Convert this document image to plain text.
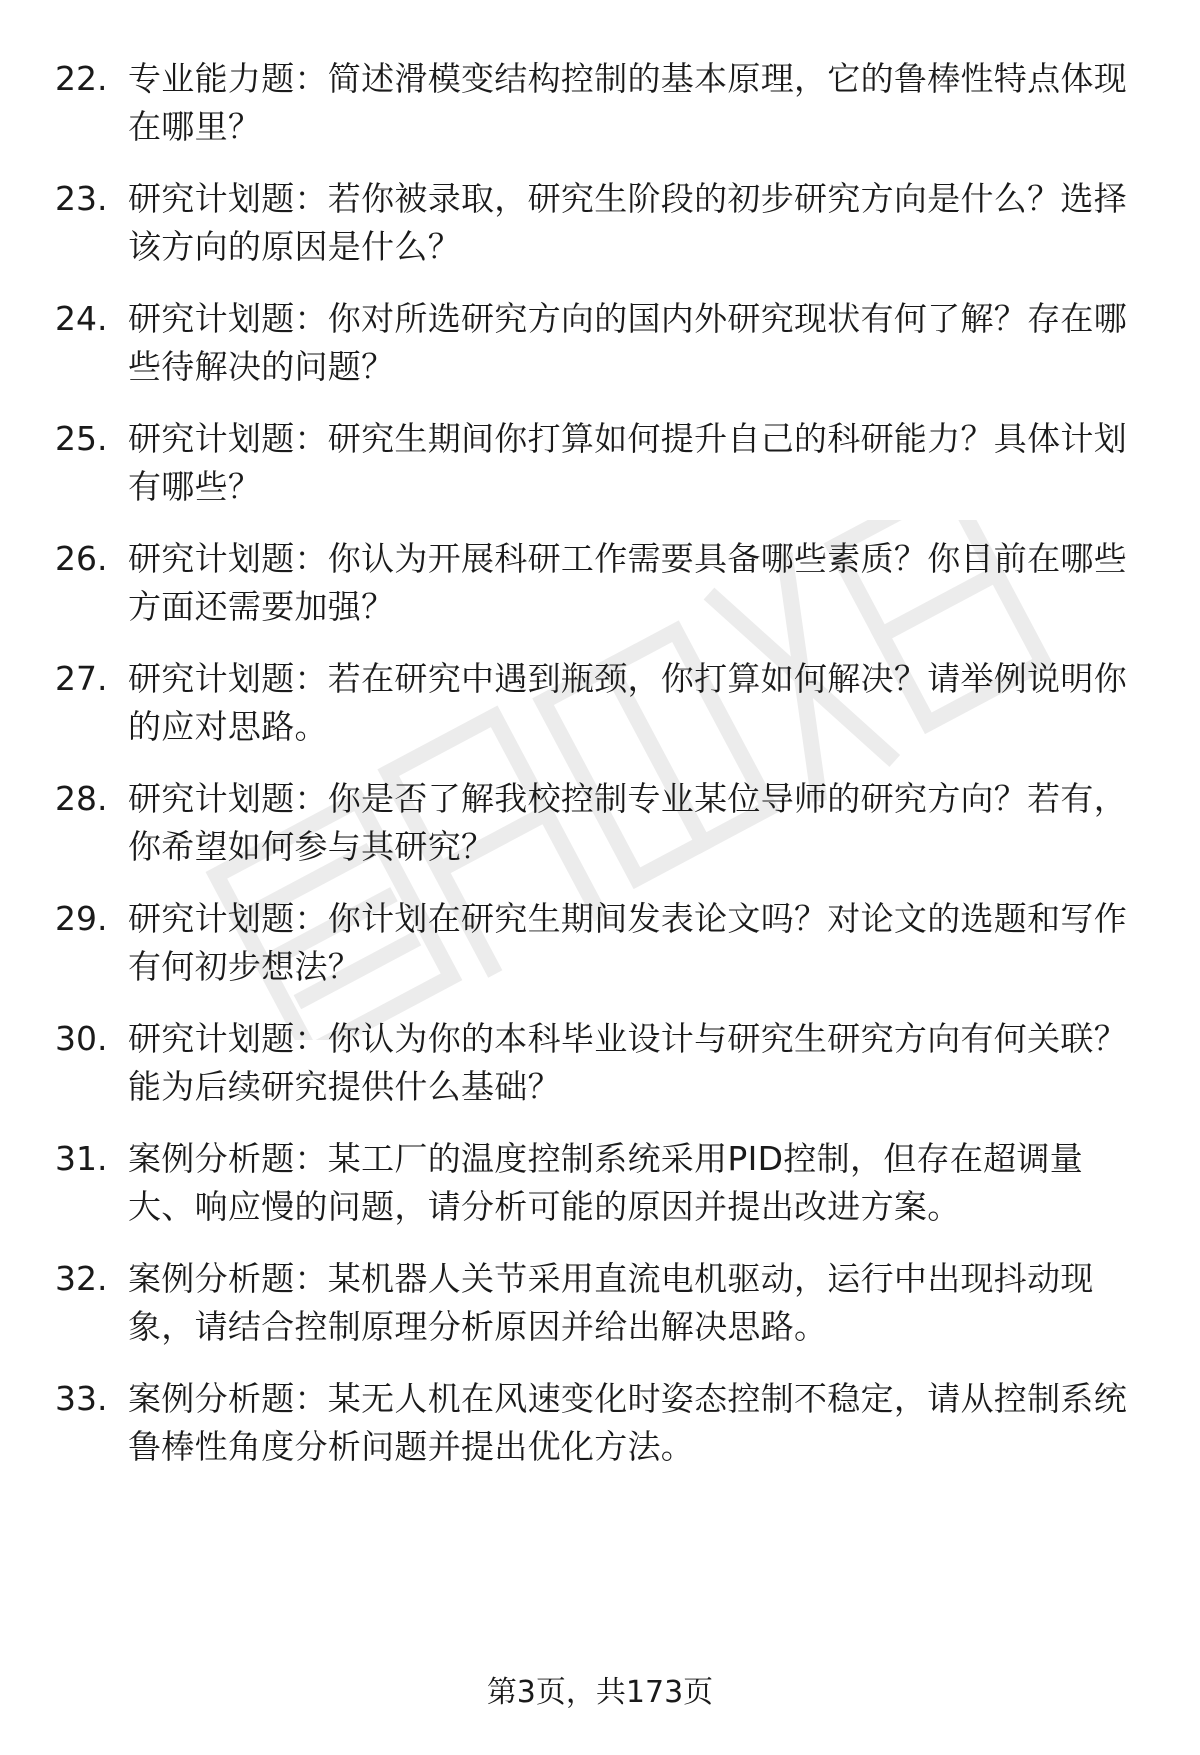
22. 专业能力题：简述滑模变结构控制的基本原理，它的鲁棒性特点体现在哪里？
23. 研究计划题：若你被录取，研究生阶段的初步研究方向是什么？选择该方向的原因是什么？
24. 研究计划题：你对所选研究方向的国内外研究现状有何了解？存在哪些待解决的问题？
25. 研究计划题：研究生期间你打算如何提升自己的科研能力？具体计划有哪些？
26. 研究计划题：你认为开展科研工作需要具备哪些素质？你目前在哪些方面还需要加强？
27. 研究计划题：若在研究中遇到瓶颈，你打算如何解决？请举例说明你的应对思路。
28. 研究计划题：你是否了解我校控制专业某位导师的研究方向？若有，你希望如何参与其研究？
29. 研究计划题：你计划在研究生期间发表论文吗？对论文的选题和写作有何初步想法？
30. 研究计划题：你认为你的本科毕业设计与研究生研究方向有何关联？能为后续研究提供什么基础？
31. 案例分析题：某工厂的温度控制系统采用PID控制，但存在超调量大、响应慢的问题，请分析可能的原因并提出改进方案。
32. 案例分析题：某机器人关节采用直流电机驱动，运行中出现抖动现象，请结合控制原理分析原因并给出解决思路。
33. 案例分析题：某无人机在风速变化时姿态控制不稳定，请从控制系统鲁棒性角度分析问题并提出优化方法。
第3页，共173页
